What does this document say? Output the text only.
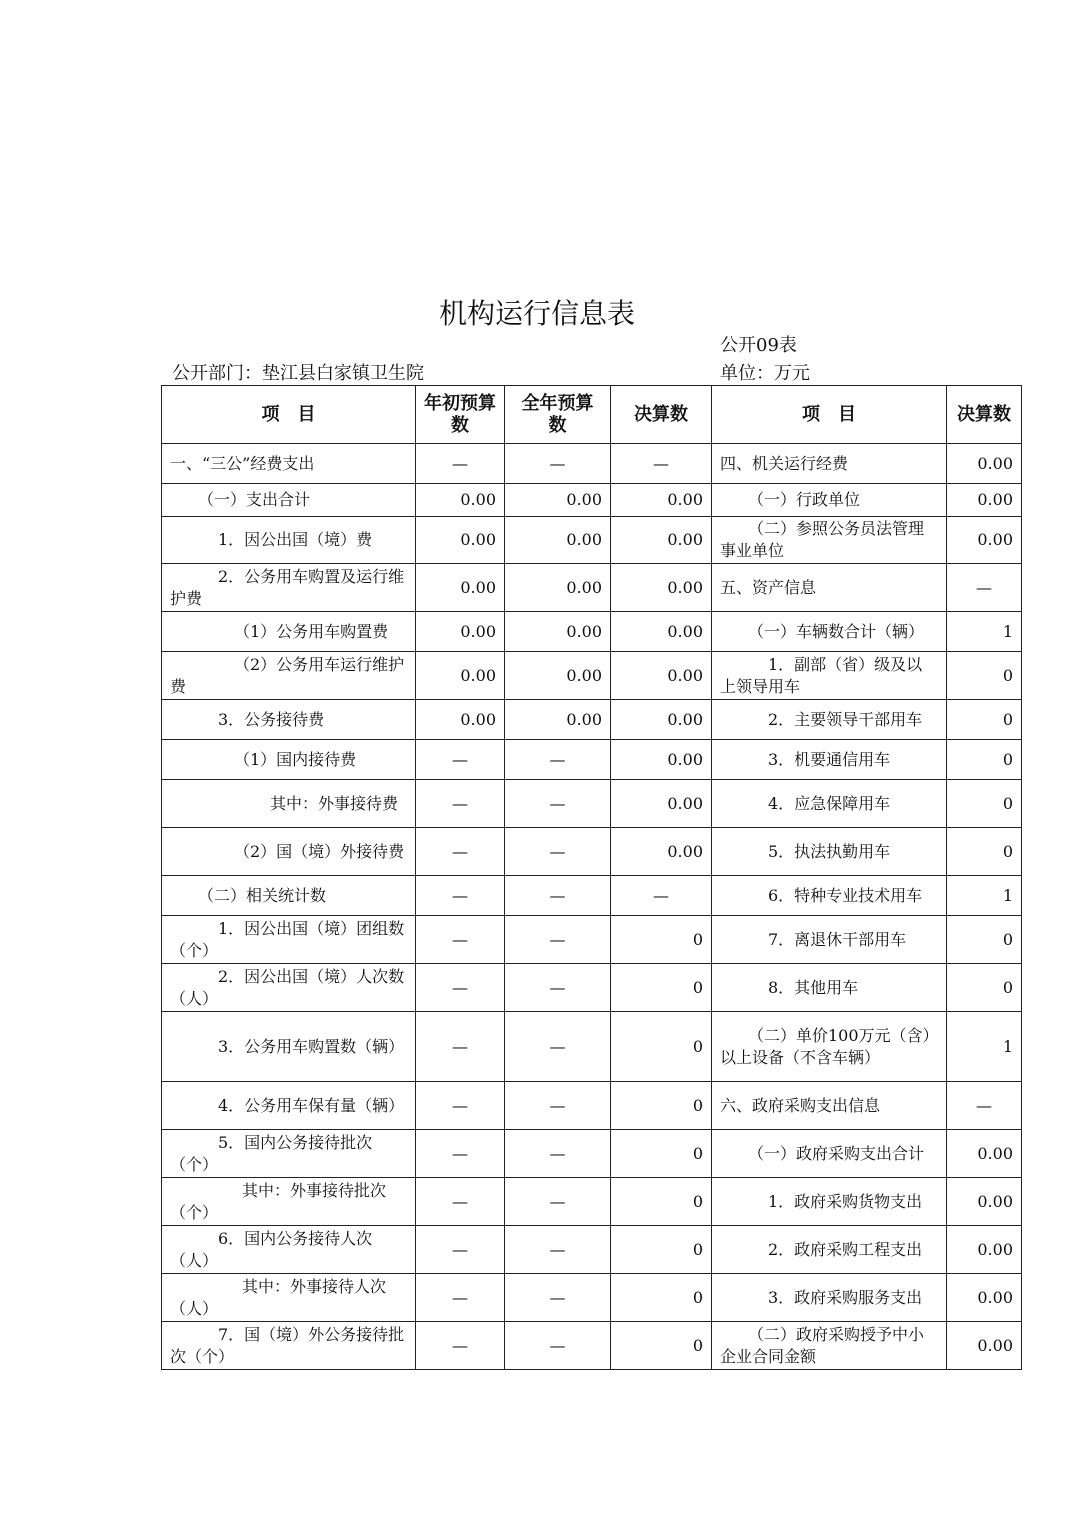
机构运行信息表
公开09表
公开部门：垫江县白家镇卫生院	单位：万元
项　目	年初预算数	全年预算数	决算数	项　目	决算数
一、“三公”经费支出	—	—	—	四、机关运行经费	0.00
（一）支出合计	0.00	0.00	0.00	（一）行政单位	0.00
1．因公出国（境）费	0.00	0.00	0.00	（二）参照公务员法管理事业单位	0.00
2．公务用车购置及运行维护费	0.00	0.00	0.00	五、资产信息	—
（1）公务用车购置费	0.00	0.00	0.00	（一）车辆数合计（辆）	1
（2）公务用车运行维护费	0.00	0.00	0.00	1．副部（省）级及以上领导用车	0
3．公务接待费	0.00	0.00	0.00	2．主要领导干部用车	0
（1）国内接待费	—	—	0.00	3．机要通信用车	0
其中：外事接待费	—	—	0.00	4．应急保障用车	0
（2）国（境）外接待费	—	—	0.00	5．执法执勤用车	0
（二）相关统计数	—	—	—	6．特种专业技术用车	1
1．因公出国（境）团组数（个）	—	—	0	7．离退休干部用车	0
2．因公出国（境）人次数（人）	—	—	0	8．其他用车	0
3．公务用车购置数（辆）	—	—	0	（二）单价100万元（含）以上设备（不含车辆）	1
4．公务用车保有量（辆）	—	—	0	六、政府采购支出信息	—
5．国内公务接待批次（个）	—	—	0	（一）政府采购支出合计	0.00
其中：外事接待批次（个）	—	—	0	1．政府采购货物支出	0.00
6．国内公务接待人次（人）	—	—	0	2．政府采购工程支出	0.00
其中：外事接待人次（人）	—	—	0	3．政府采购服务支出	0.00
7．国（境）外公务接待批次（个）	—	—	0	（二）政府采购授予中小企业合同金额	0.00
